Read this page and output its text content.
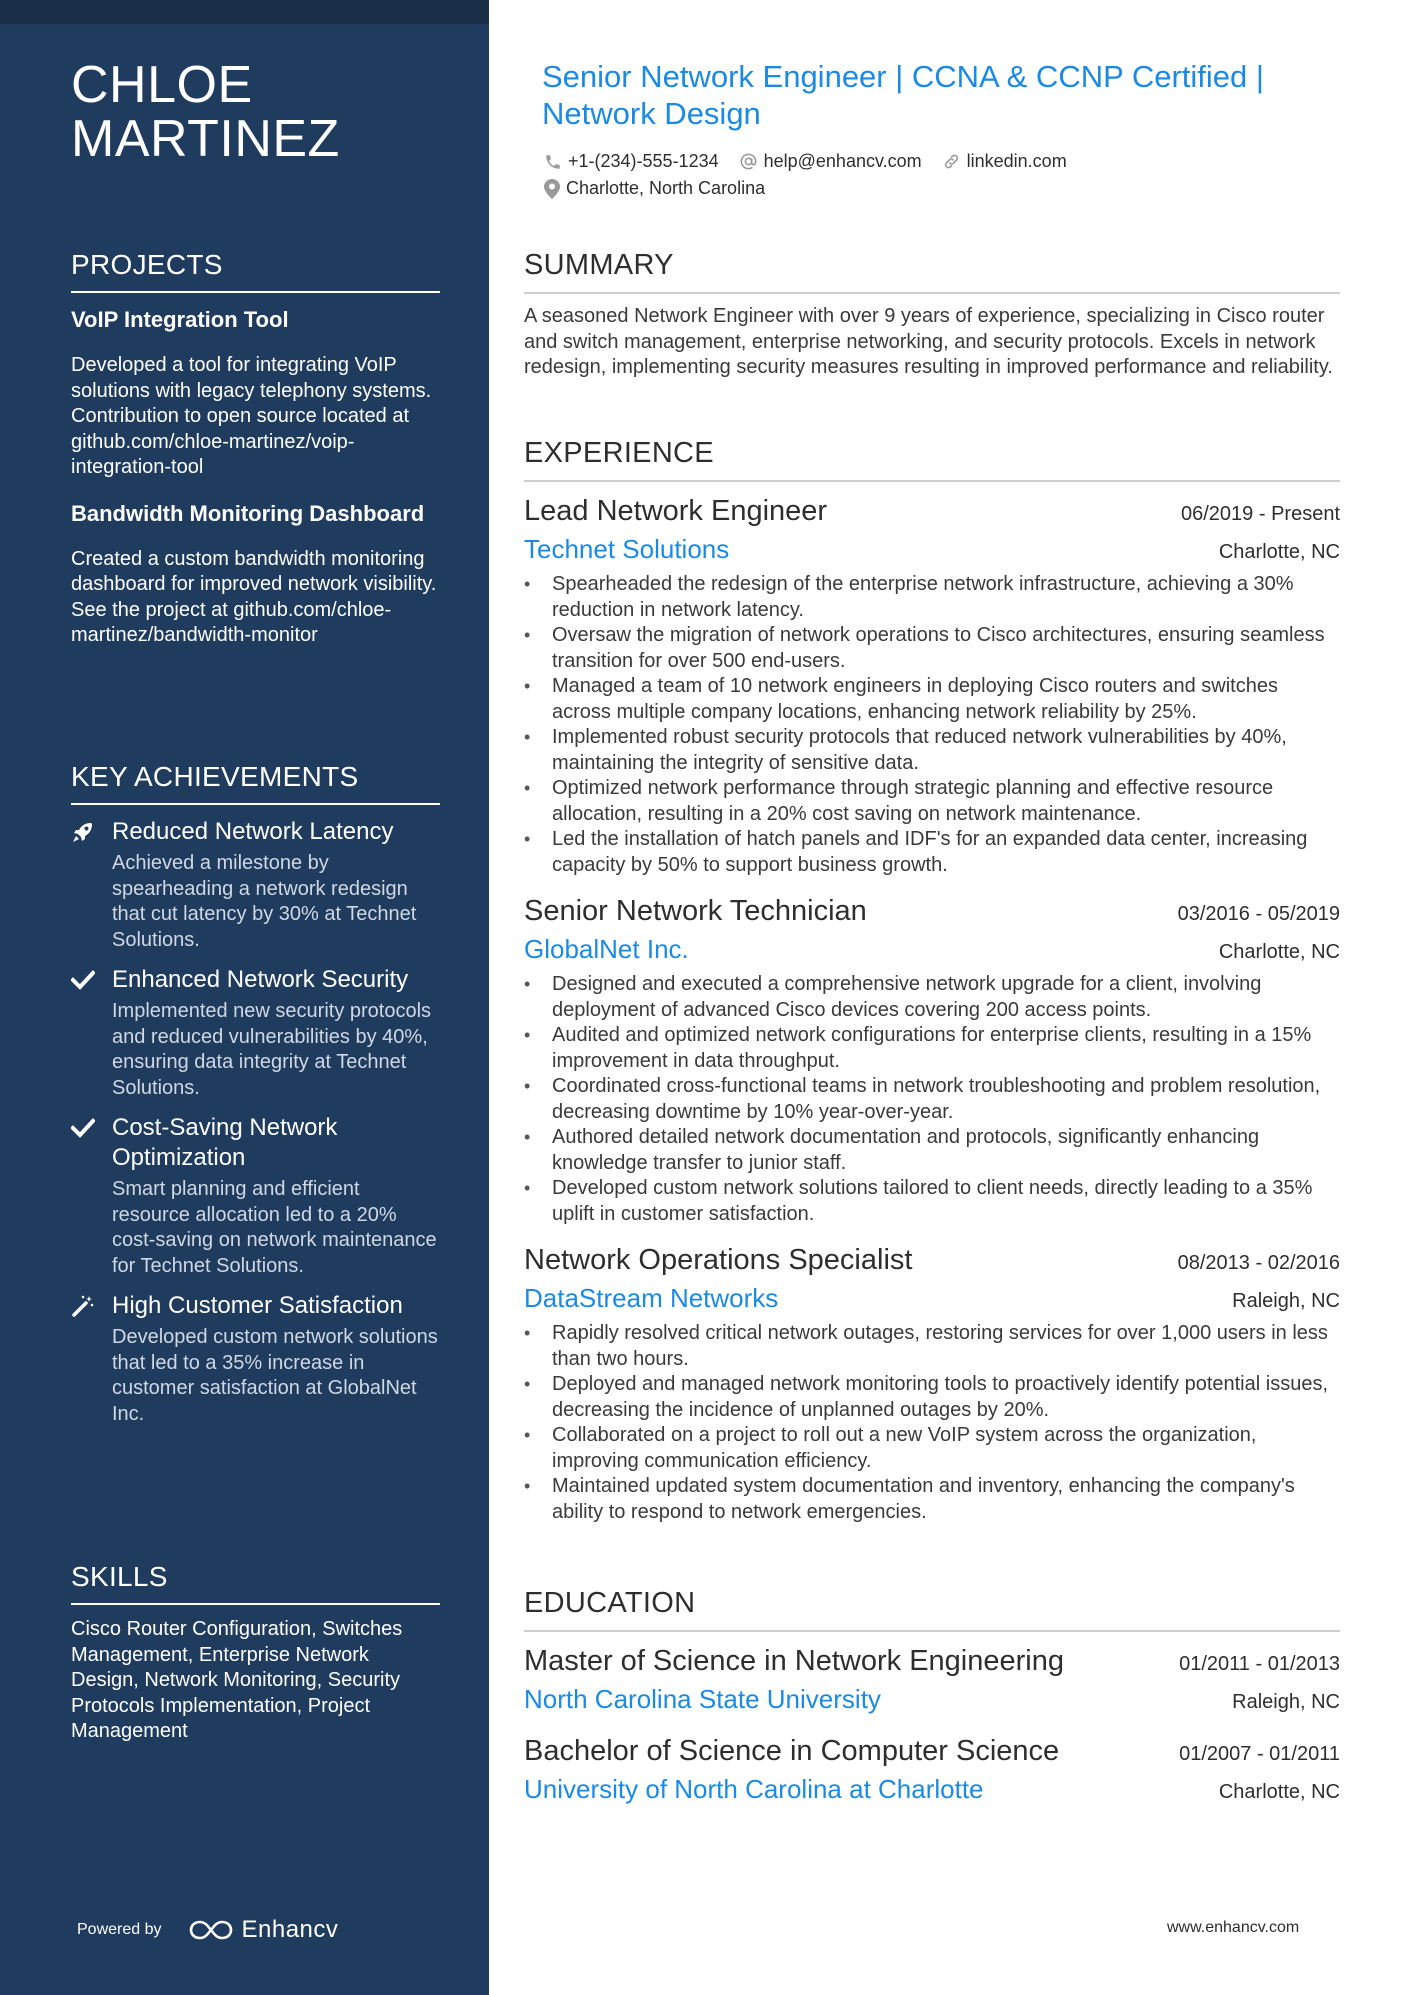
CHLOE MARTINEZ
PROJECTS
VoIP Integration Tool
Developed a tool for integrating VoIP solutions with legacy telephony systems. Contribution to open source located at github.com/chloe-martinez/voip-integration-tool
Bandwidth Monitoring Dashboard
Created a custom bandwidth monitoring dashboard for improved network visibility. See the project at github.com/chloe-martinez/bandwidth-monitor
KEY ACHIEVEMENTS
Reduced Network Latency
Achieved a milestone by spearheading a network redesign that cut latency by 30% at Technet Solutions.
Enhanced Network Security
Implemented new security protocols and reduced vulnerabilities by 40%, ensuring data integrity at Technet Solutions.
Cost-Saving Network Optimization
Smart planning and efficient resource allocation led to a 20% cost-saving on network maintenance for Technet Solutions.
High Customer Satisfaction
Developed custom network solutions that led to a 35% increase in customer satisfaction at GlobalNet Inc.
SKILLS
Cisco Router Configuration, Switches Management, Enterprise Network Design, Network Monitoring, Security Protocols Implementation, Project Management
Powered by	Enhancv
Senior Network Engineer | CCNA & CCNP Certified | Network Design
+1-(234)-555-1234	help@enhancv.com	linkedin.com
Charlotte, North Carolina
SUMMARY
A seasoned Network Engineer with over 9 years of experience, specializing in Cisco router and switch management, enterprise networking, and security protocols. Excels in network redesign, implementing security measures resulting in improved performance and reliability.
EXPERIENCE
Lead Network Engineer	06/2019 - Present
Technet Solutions	Charlotte, NC
• Spearheaded the redesign of the enterprise network infrastructure, achieving a 30% reduction in network latency.
• Oversaw the migration of network operations to Cisco architectures, ensuring seamless transition for over 500 end-users.
• Managed a team of 10 network engineers in deploying Cisco routers and switches across multiple company locations, enhancing network reliability by 25%.
• Implemented robust security protocols that reduced network vulnerabilities by 40%, maintaining the integrity of sensitive data.
• Optimized network performance through strategic planning and effective resource allocation, resulting in a 20% cost saving on network maintenance.
• Led the installation of hatch panels and IDF's for an expanded data center, increasing capacity by 50% to support business growth.
Senior Network Technician	03/2016 - 05/2019
GlobalNet Inc.	Charlotte, NC
• Designed and executed a comprehensive network upgrade for a client, involving deployment of advanced Cisco devices covering 200 access points.
• Audited and optimized network configurations for enterprise clients, resulting in a 15% improvement in data throughput.
• Coordinated cross-functional teams in network troubleshooting and problem resolution, decreasing downtime by 10% year-over-year.
• Authored detailed network documentation and protocols, significantly enhancing knowledge transfer to junior staff.
• Developed custom network solutions tailored to client needs, directly leading to a 35% uplift in customer satisfaction.
Network Operations Specialist	08/2013 - 02/2016
DataStream Networks	Raleigh, NC
• Rapidly resolved critical network outages, restoring services for over 1,000 users in less than two hours.
• Deployed and managed network monitoring tools to proactively identify potential issues, decreasing the incidence of unplanned outages by 20%.
• Collaborated on a project to roll out a new VoIP system across the organization, improving communication efficiency.
• Maintained updated system documentation and inventory, enhancing the company's ability to respond to network emergencies.
EDUCATION
Master of Science in Network Engineering	01/2011 - 01/2013
North Carolina State University	Raleigh, NC
Bachelor of Science in Computer Science	01/2007 - 01/2011
University of North Carolina at Charlotte	Charlotte, NC
www.enhancv.com
